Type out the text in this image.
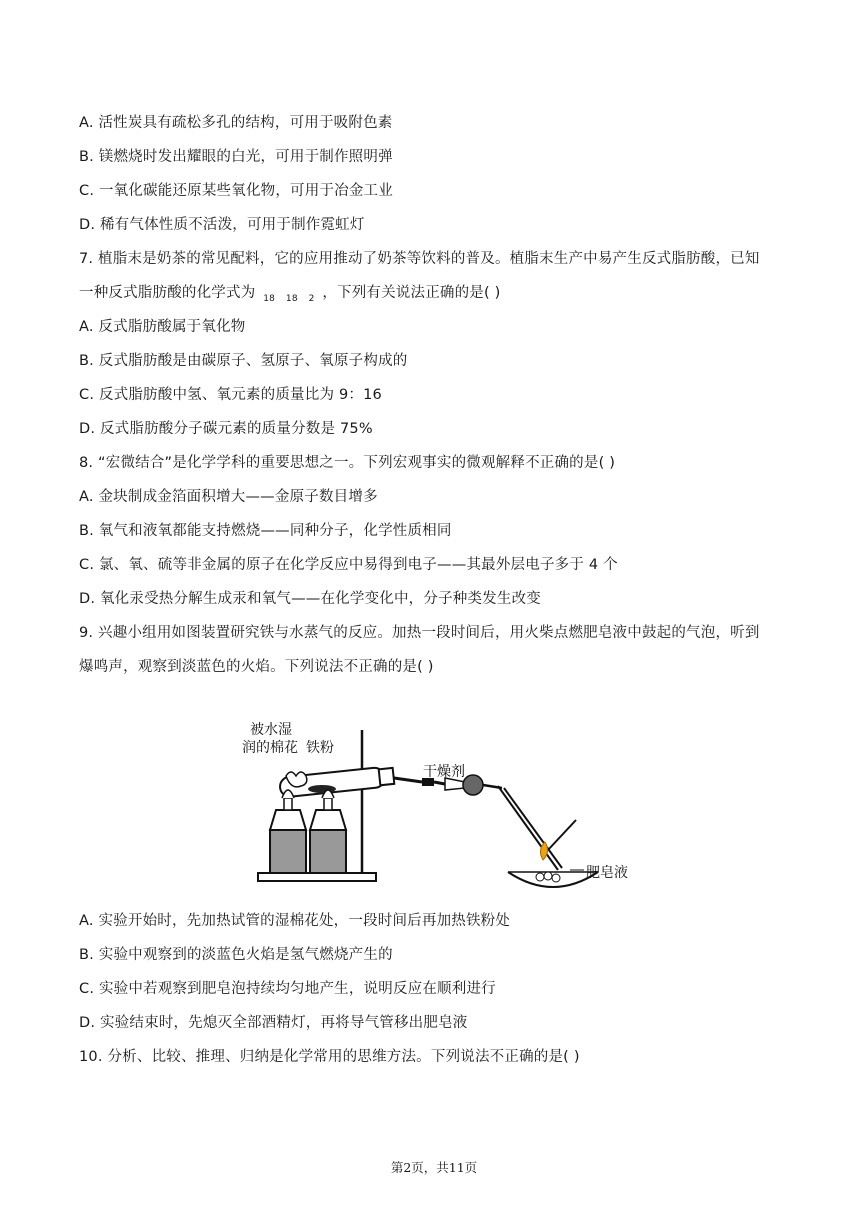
A. 活性炭具有疏松多孔的结构，可用于吸附色素
B. 镁燃烧时发出耀眼的白光，可用于制作照明弹
C. 一氧化碳能还原某些氧化物，可用于冶金工业
D. 稀有气体性质不活泼，可用于制作霓虹灯
7. 植脂末是奶茶的常见配料，它的应用推动了奶茶等饮料的普及。植脂末生产中易产生反式脂肪酸，已知
一种反式脂肪酸的化学式为 $_{18}$ $_{18}$ $_2$ ，下列有关说法正确的是( )
A. 反式脂肪酸属于氧化物
B. 反式脂肪酸是由碳原子、氢原子、氧原子构成的
C. 反式脂肪酸中氢、氧元素的质量比为 9：16
D. 反式脂肪酸分子碳元素的质量分数是 75%
8. “宏微结合”是化学学科的重要思想之一。下列宏观事实的微观解释不正确的是( )
A. 金块制成金箔面积增大——金原子数目增多
B. 氧气和液氧都能支持燃烧——同种分子，化学性质相同
C. 氯、氧、硫等非金属的原子在化学反应中易得到电子——其最外层电子多于 4 个
D. 氧化汞受热分解生成汞和氧气——在化学变化中，分子种类发生改变
9. 兴趣小组用如图装置研究铁与水蒸气的反应。加热一段时间后，用火柴点燃肥皂液中鼓起的气泡，听到
爆鸣声，观察到淡蓝色的火焰。下列说法不正确的是( )
被水湿
润的棉花 铁粉
干燥剂
肥皂液
A. 实验开始时，先加热试管的湿棉花处，一段时间后再加热铁粉处
B. 实验中观察到的淡蓝色火焰是氢气燃烧产生的
C. 实验中若观察到肥皂泡持续均匀地产生，说明反应在顺利进行
D. 实验结束时，先熄灭全部酒精灯，再将导气管移出肥皂液
10. 分析、比较、推理、归纳是化学常用的思维方法。下列说法不正确的是( )
第2页，共11页
